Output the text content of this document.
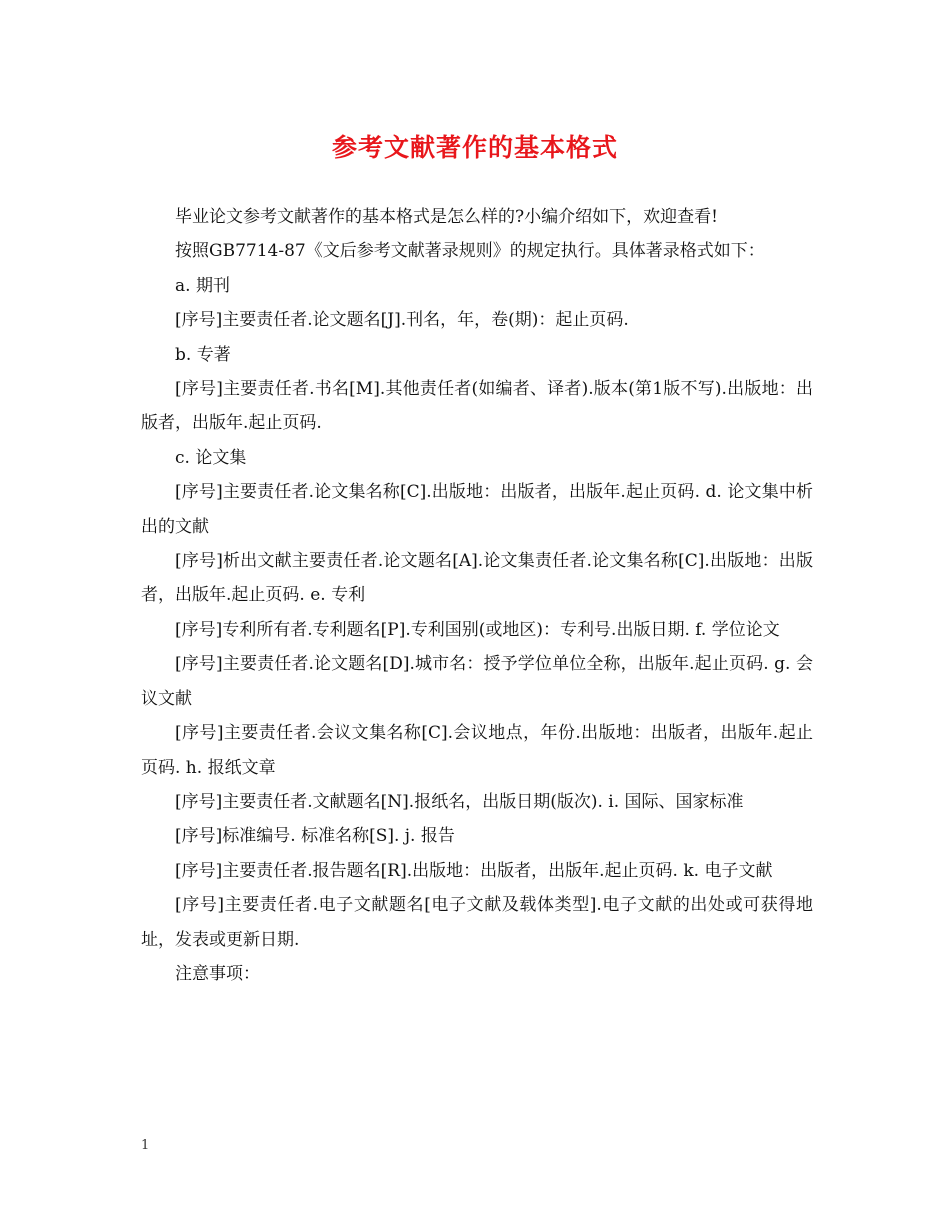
参考文献著作的基本格式

毕业论文参考文献著作的基本格式是怎么样的?小编介绍如下，欢迎查看!

按照GB7714-87《文后参考文献著录规则》的规定执行。具体著录格式如下：

a. 期刊

[序号]主要责任者.论文题名[J].刊名，年，卷(期)：起止页码.

b. 专著

[序号]主要责任者.书名[M].其他责任者(如编者、译者).版本(第1版不写).出版地：出版者，出版年.起止页码.

c. 论文集

[序号]主要责任者.论文集名称[C].出版地：出版者，出版年.起止页码. d. 论文集中析出的文献

[序号]析出文献主要责任者.论文题名[A].论文集责任者.论文集名称[C].出版地：出版者，出版年.起止页码. e. 专利

[序号]专利所有者.专利题名[P].专利国别(或地区)：专利号.出版日期. f. 学位论文

[序号]主要责任者.论文题名[D].城市名：授予学位单位全称，出版年.起止页码. g. 会议文献

[序号]主要责任者.会议文集名称[C].会议地点，年份.出版地：出版者，出版年.起止页码. h. 报纸文章

[序号]主要责任者.文献题名[N].报纸名，出版日期(版次). i. 国际、国家标准

[序号]标准编号. 标准名称[S]. j. 报告

[序号]主要责任者.报告题名[R].出版地：出版者，出版年.起止页码. k. 电子文献

[序号]主要责任者.电子文献题名[电子文献及载体类型].电子文献的出处或可获得地址，发表或更新日期.

注意事项：

1
